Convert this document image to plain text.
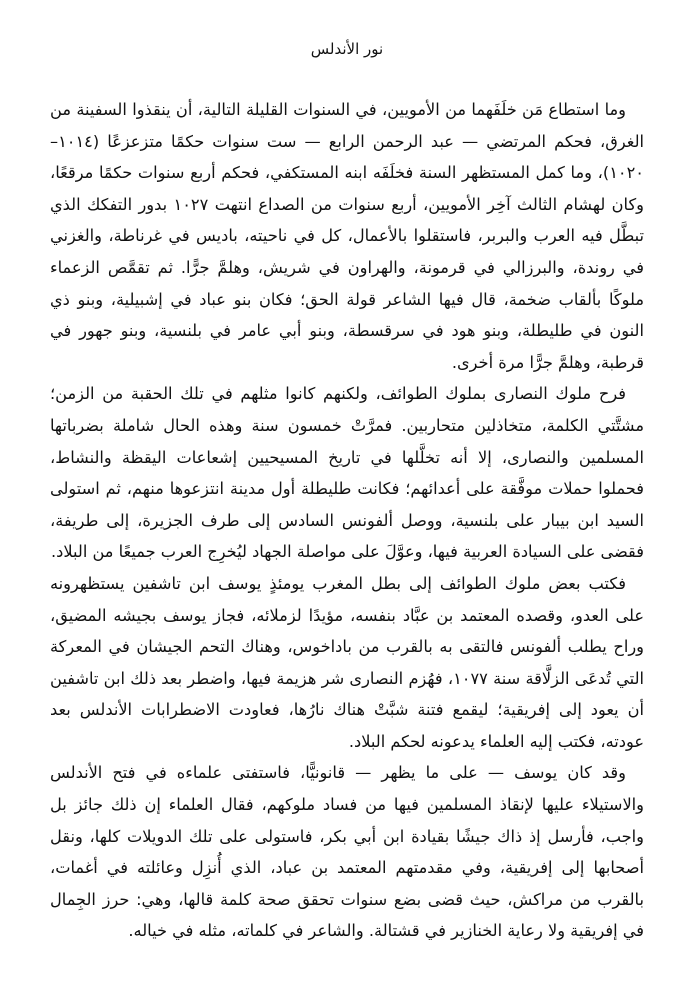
نور الأندلس

وما استطاع مَن خلَفَهما من الأمويين، في السنوات القليلة التالية، أن ينقذوا السفينة من الغرق، فحكم المرتضي — عبد الرحمن الرابع — ست سنوات حكمًا متزعزعًا (١٠١٤–١٠٢٠)، وما كمل المستظهر السنة فخلَفَه ابنه المستكفي، فحكم أربع سنوات حكمًا مرقعًا، وكان لهشام الثالث آخِر الأمويين، أربع سنوات من الصداع انتهت ١٠٢٧ بدور التفكك الذي تبطَّل فيه العرب والبربر، فاستقلوا بالأعمال، كل في ناحيته، باديس في غرناطة، والغزني في روندة، والبرزالي في قرمونة، والهراون في شريش، وهلمَّ جرًّا. ثم تقمَّص الزعماء ملوكًا بألقاب ضخمة، قال فيها الشاعر قولة الحق؛ فكان بنو عباد في إشبيلية، وبنو ذي النون في طليطلة، وبنو هود في سرقسطة، وبنو أبي عامر في بلنسية، وبنو جهور في قرطبة، وهلمَّ جرًّا مرة أخرى.

فرح ملوك النصارى بملوك الطوائف، ولكنهم كانوا مثلهم في تلك الحقبة من الزمن؛ مشتَّتي الكلمة، متخاذلين متحاربين. فمرَّتْ خمسون سنة وهذه الحال شاملة بضرباتها المسلمين والنصارى، إلا أنه تخلَّلها في تاريخ المسيحيين إشعاعات اليقظة والنشاط، فحملوا حملات موفَّقة على أعدائهم؛ فكانت طليطلة أول مدينة انتزعوها منهم، ثم استولى السيد ابن بيبار على بلنسية، ووصل ألفونس السادس إلى طرف الجزيرة، إلى طريفة، فقضى على السيادة العربية فيها، وعوَّلَ على مواصلة الجهاد ليُخرِج العرب جميعًا من البلاد.

فكتب بعض ملوك الطوائف إلى بطل المغرب يومئذٍ يوسف ابن تاشفين يستظهرونه على العدو، وقصده المعتمد بن عبَّاد بنفسه، مؤيدًا لزملائه، فجاز يوسف بجيشه المضيق، وراح يطلب ألفونس فالتقى به بالقرب من باداخوس، وهناك التحم الجيشان في المعركة التي تُدعَى الزلَّاقة سنة ١٠٧٧، فهُزم النصارى شر هزيمة فيها، واضطر بعد ذلك ابن تاشفين أن يعود إلى إفريقية؛ ليقمع فتنة شبَّتْ هناك نارُها، فعاودت الاضطرابات الأندلس بعد عودته، فكتب إليه العلماء يدعونه لحكم البلاد.

وقد كان يوسف — على ما يظهر — قانونيًّا، فاستفتى علماءه في فتح الأندلس والاستيلاء عليها لإنقاذ المسلمين فيها من فساد ملوكهم، فقال العلماء إن ذلك جائز بل واجب، فأرسل إذ ذاك جيشًا بقيادة ابن أبي بكر، فاستولى على تلك الدويلات كلها، ونقل أصحابها إلى إفريقية، وفي مقدمتهم المعتمد بن عباد، الذي أُنزِل وعائلته في أغمات، بالقرب من مراكش، حيث قضى بضع سنوات تحقق صحة كلمة قالها، وهي: حرز الجِمال في إفريقية ولا رعاية الخنازير في قشتالة. والشاعر في كلماته، مثله في خياله.
